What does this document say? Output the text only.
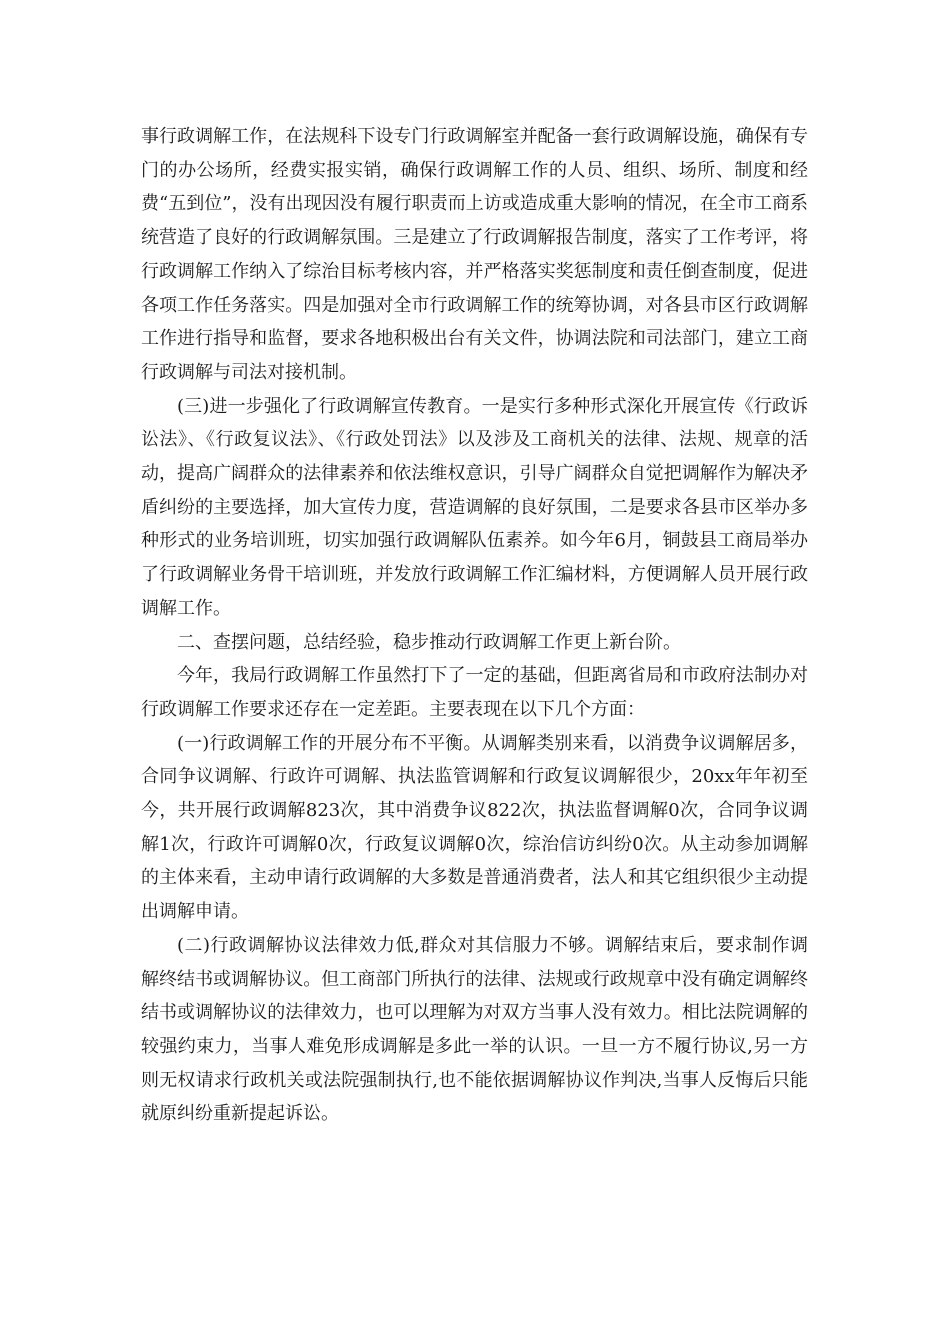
事行政调解工作，在法规科下设专门行政调解室并配备一套行政调解设施，确保有专门的办公场所，经费实报实销，确保行政调解工作的人员、组织、场所、制度和经费“五到位”，没有出现因没有履行职责而上访或造成重大影响的情况，在全市工商系统营造了良好的行政调解氛围。三是建立了行政调解报告制度，落实了工作考评，将行政调解工作纳入了综治目标考核内容，并严格落实奖惩制度和责任倒查制度，促进各项工作任务落实。四是加强对全市行政调解工作的统筹协调，对各县市区行政调解工作进行指导和监督，要求各地积极出台有关文件，协调法院和司法部门，建立工商行政调解与司法对接机制。

(三)进一步强化了行政调解宣传教育。一是实行多种形式深化开展宣传《行政诉讼法》、《行政复议法》、《行政处罚法》以及涉及工商机关的法律、法规、规章的活动，提高广阔群众的法律素养和依法维权意识，引导广阔群众自觉把调解作为解决矛盾纠纷的主要选择，加大宣传力度，营造调解的良好氛围，二是要求各县市区举办多种形式的业务培训班，切实加强行政调解队伍素养。如今年6月，铜鼓县工商局举办了行政调解业务骨干培训班，并发放行政调解工作汇编材料，方便调解人员开展行政调解工作。

二、查摆问题，总结经验，稳步推动行政调解工作更上新台阶。

今年，我局行政调解工作虽然打下了一定的基础，但距离省局和市政府法制办对行政调解工作要求还存在一定差距。主要表现在以下几个方面：

(一)行政调解工作的开展分布不平衡。从调解类别来看，以消费争议调解居多，合同争议调解、行政许可调解、执法监管调解和行政复议调解很少，20xx年年初至今，共开展行政调解823次，其中消费争议822次，执法监督调解0次，合同争议调解1次，行政许可调解0次，行政复议调解0次，综治信访纠纷0次。从主动参加调解的主体来看，主动申请行政调解的大多数是普通消费者，法人和其它组织很少主动提出调解申请。

(二)行政调解协议法律效力低,群众对其信服力不够。调解结束后，要求制作调解终结书或调解协议。但工商部门所执行的法律、法规或行政规章中没有确定调解终结书或调解协议的法律效力，也可以理解为对双方当事人没有效力。相比法院调解的较强约束力，当事人难免形成调解是多此一举的认识。一旦一方不履行协议,另一方则无权请求行政机关或法院强制执行,也不能依据调解协议作判决,当事人反悔后只能就原纠纷重新提起诉讼。
